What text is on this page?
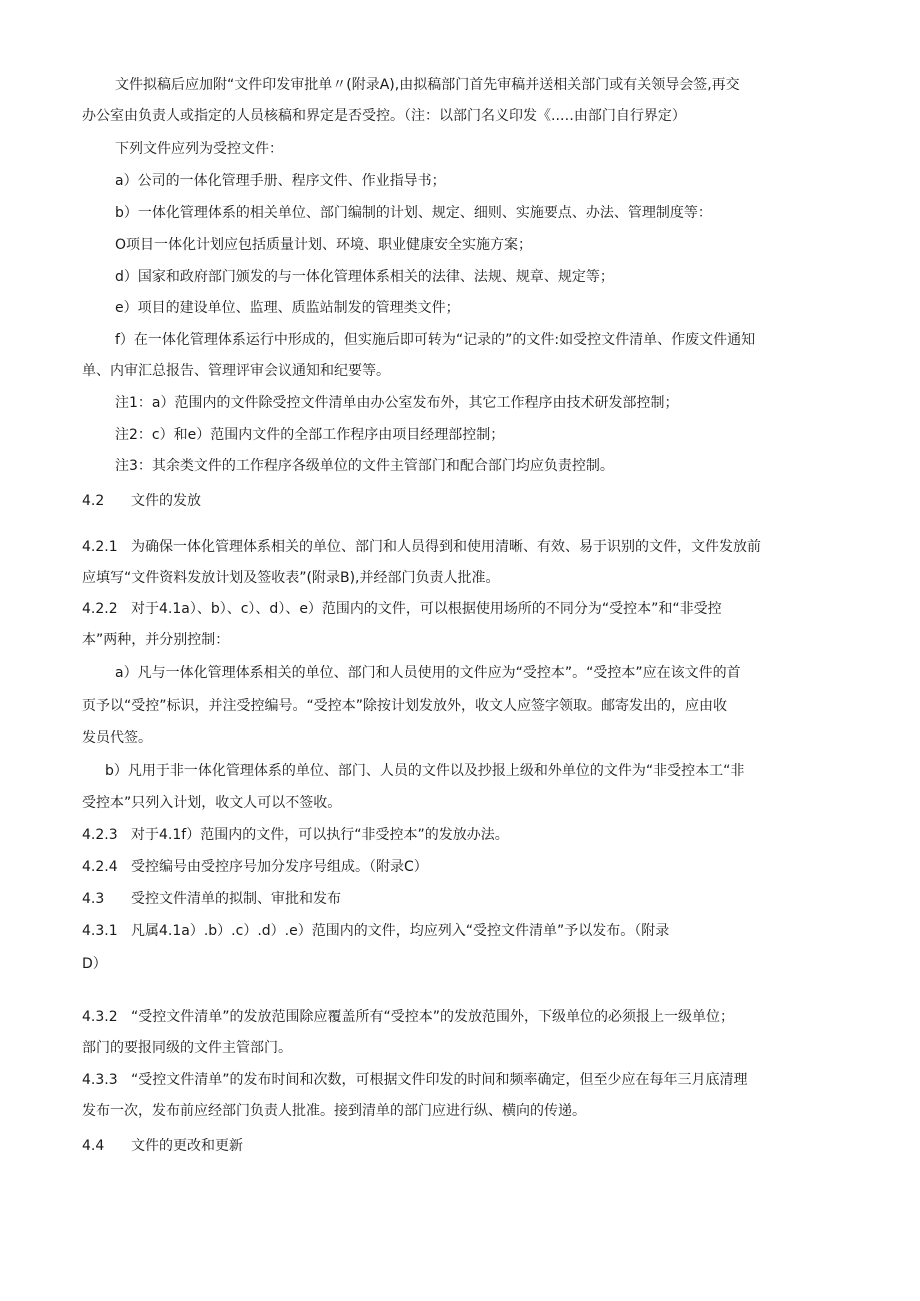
文件拟稿后应加附“文件印发审批单〃(附录A),由拟稿部门首先审稿并送相关部门或有关领导会签,再交
办公室由负责人或指定的人员核稿和界定是否受控。（注：以部门名义印发《..…由部门自行界定）
下列文件应列为受控文件：
a）公司的一体化管理手册、程序文件、作业指导书；
b）一体化管理体系的相关单位、部门编制的计划、规定、细则、实施要点、办法、管理制度等：
O项目一体化计划应包括质量计划、环境、职业健康安全实施方案；
d）国家和政府部门颁发的与一体化管理体系相关的法律、法规、规章、规定等；
e）项目的建设单位、监理、质监站制发的管理类文件；
f）在一体化管理体系运行中形成的，但实施后即可转为“记录的”的文件:如受控文件清单、作废文件通知
单、内审汇总报告、管理评审会议通知和纪要等。
注1：a）范围内的文件除受控文件清单由办公室发布外，其它工作程序由技术研发部控制；
注2：c）和e）范围内文件的全部工作程序由项目经理部控制；
注3：其余类文件的工作程序各级单位的文件主管部门和配合部门均应负责控制。
4.2 文件的发放
4.2.1 为确保一体化管理体系相关的单位、部门和人员得到和使用清晰、有效、易于识别的文件，文件发放前
应填写“文件资料发放计划及签收表”(附录B),并经部门负责人批准。
4.2.2 对于4.1a）、b）、c）、d）、e）范围内的文件，可以根据使用场所的不同分为“受控本”和“非受控
本”两种，并分别控制：
a）凡与一体化管理体系相关的单位、部门和人员使用的文件应为“受控本”。“受控本”应在该文件的首
页予以“受控”标识，并注受控编号。“受控本”除按计划发放外，收文人应签字领取。邮寄发出的，应由收
发员代签。
b）凡用于非一体化管理体系的单位、部门、人员的文件以及抄报上级和外单位的文件为“非受控本工“非
受控本”只列入计划，收文人可以不签收。
4.2.3 对于4.1f）范围内的文件，可以执行“非受控本”的发放办法。
4.2.4 受控编号由受控序号加分发序号组成。（附录C）
4.3 受控文件清单的拟制、审批和发布
4.3.1 凡属4.1a）.b）.c）.d）.e）范围内的文件，均应列入“受控文件清单”予以发布。（附录
D）
4.3.2 “受控文件清单”的发放范围除应覆盖所有“受控本”的发放范围外，下级单位的必须报上一级单位；
部门的要报同级的文件主管部门。
4.3.3 “受控文件清单”的发布时间和次数，可根据文件印发的时间和频率确定，但至少应在每年三月底清理
发布一次，发布前应经部门负责人批准。接到清单的部门应进行纵、横向的传递。
4.4 文件的更改和更新
